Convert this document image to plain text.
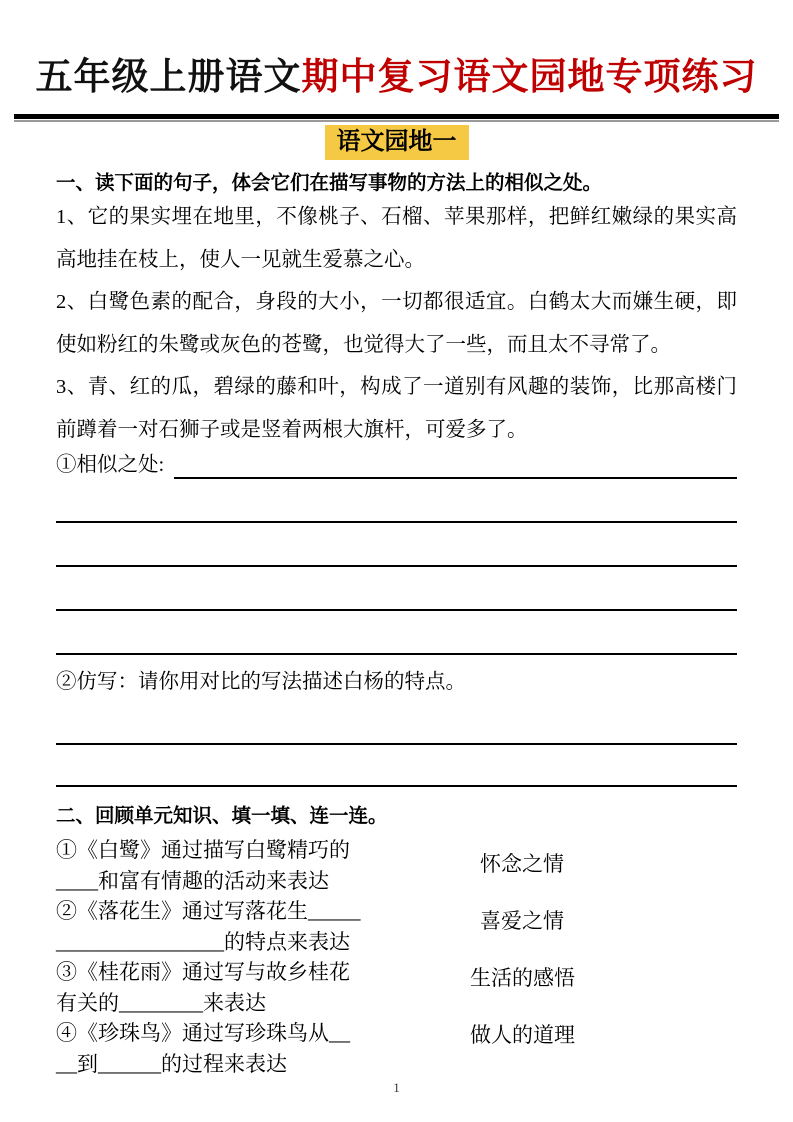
五年级上册语文期中复习语文园地专项练习
语文园地一
一、读下面的句子，体会它们在描写事物的方法上的相似之处。
1、它的果实埋在地里，不像桃子、石榴、苹果那样，把鲜红嫩绿的果实高高地挂在枝上，使人一见就生爱慕之心。
2、白鹭色素的配合，身段的大小，一切都很适宜。白鹤太大而嫌生硬，即使如粉红的朱鹭或灰色的苍鹭，也觉得大了一些，而且太不寻常了。
3、青、红的瓜，碧绿的藤和叶，构成了一道别有风趣的装饰，比那高楼门前蹲着一对石狮子或是竖着两根大旗杆，可爱多了。
①相似之处:
②仿写：请你用对比的写法描述白杨的特点。
二、回顾单元知识、填一填、连一连。
①《白鹭》通过描写白鹭精巧的
____和富有情趣的活动来表达
②《落花生》通过写落花生_____
________________的特点来表达
③《桂花雨》通过写与故乡桂花
有关的________来表达
④《珍珠鸟》通过写珍珠鸟从__
__到______的过程来表达
怀念之情
喜爱之情
生活的感悟
做人的道理
1
